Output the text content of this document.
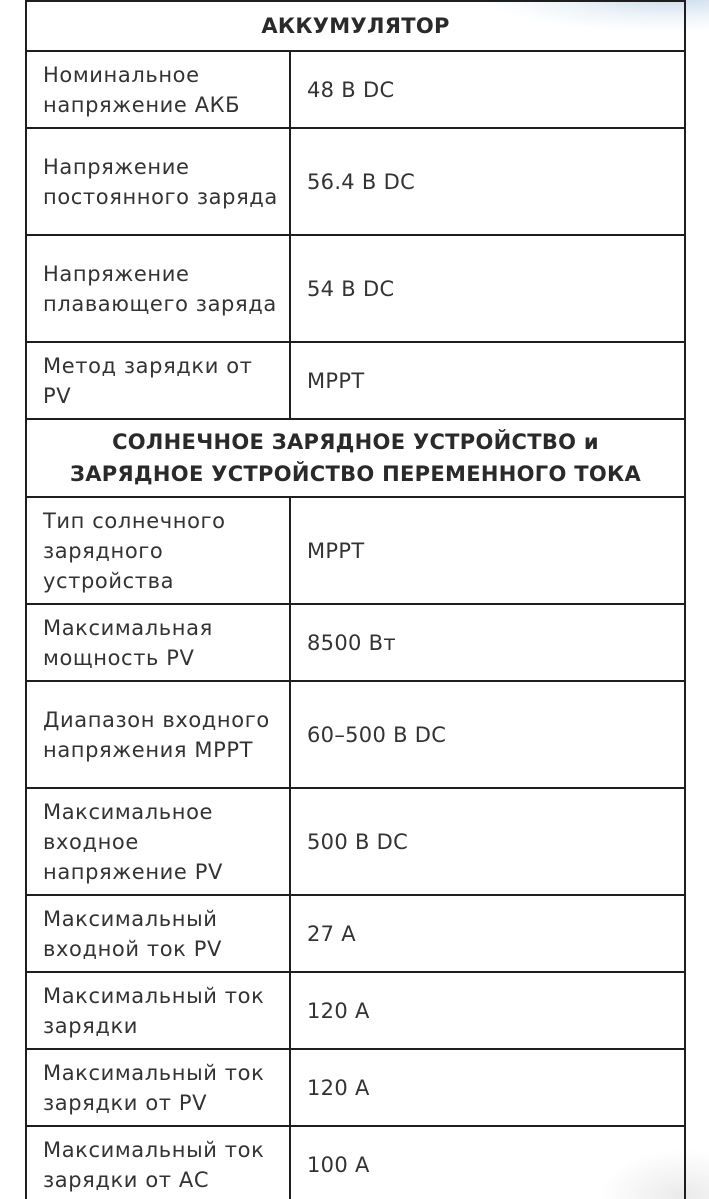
АККУМУЛЯТОР	
Номинальное напряжение АКБ	48 В DC
Напряжение постоянного заряда	56.4 В DC
Напряжение плавающего заряда	54 В DC
Метод зарядки от PV	MPPT
СОЛНЕЧНОЕ ЗАРЯДНОЕ УСТРОЙСТВО и ЗАРЯДНОЕ УСТРОЙСТВО ПЕРЕМЕННОГО ТОКА	
Тип солнечного зарядного устройства	MPPT
Максимальная мощность PV	8500 Вт
Диапазон входного напряжения MPPT	60–500 В DC
Максимальное входное напряжение PV	500 В DC
Максимальный входной ток PV	27 А
Максимальный ток зарядки	120 А
Максимальный ток зарядки от PV	120 А
Максимальный ток зарядки от АС	100 А
